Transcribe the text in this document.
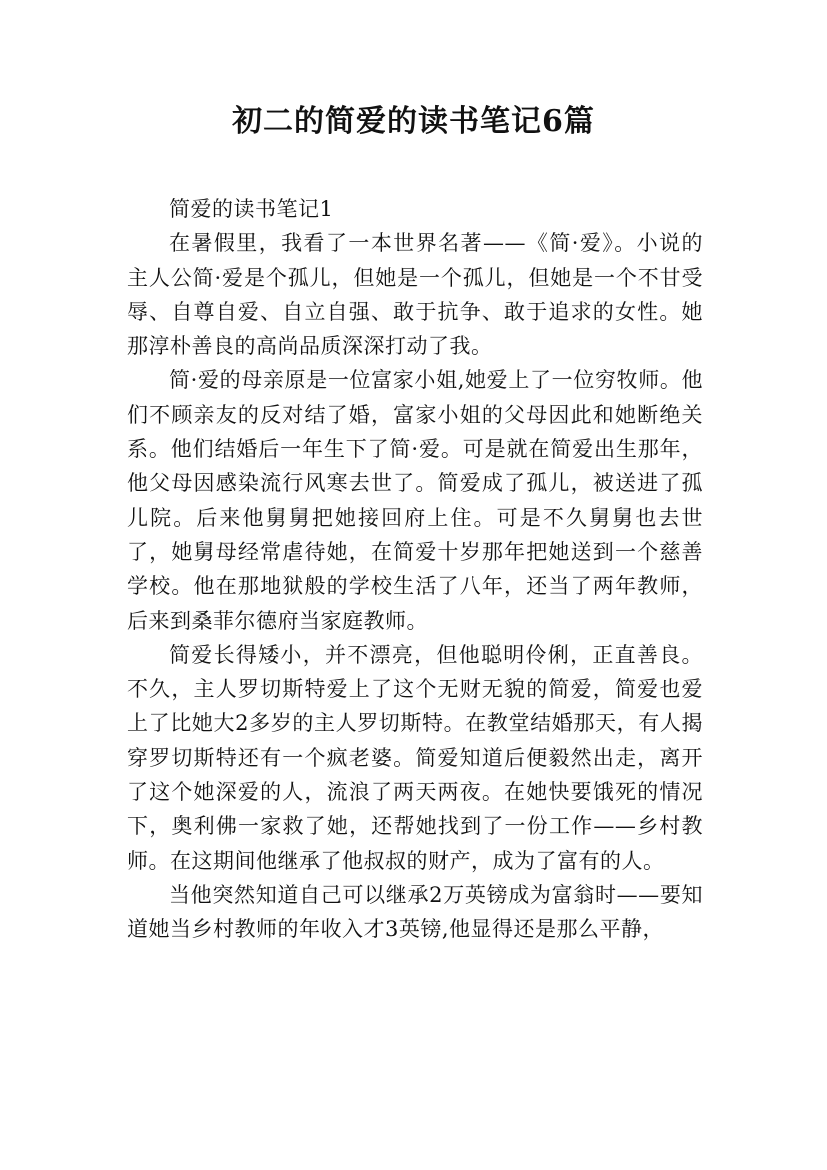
初二的简爱的读书笔记6篇

简爱的读书笔记1

在暑假里，我看了一本世界名著——《简·爱》。小说的主人公简·爱是个孤儿，但她是一个孤儿，但她是一个不甘受辱、自尊自爱、自立自强、敢于抗争、敢于追求的女性。她那淳朴善良的高尚品质深深打动了我。

简·爱的母亲原是一位富家小姐,她爱上了一位穷牧师。他们不顾亲友的反对结了婚，富家小姐的父母因此和她断绝关系。他们结婚后一年生下了简·爱。可是就在简爱出生那年，他父母因感染流行风寒去世了。简爱成了孤儿，被送进了孤儿院。后来他舅舅把她接回府上住。可是不久舅舅也去世了，她舅母经常虐待她，在简爱十岁那年把她送到一个慈善学校。他在那地狱般的学校生活了八年，还当了两年教师，后来到桑菲尔德府当家庭教师。

简爱长得矮小，并不漂亮，但他聪明伶俐，正直善良。不久，主人罗切斯特爱上了这个无财无貌的简爱，简爱也爱上了比她大2多岁的主人罗切斯特。在教堂结婚那天，有人揭穿罗切斯特还有一个疯老婆。简爱知道后便毅然出走，离开了这个她深爱的人，流浪了两天两夜。在她快要饿死的情况下，奥利佛一家救了她，还帮她找到了一份工作——乡村教师。在这期间他继承了他叔叔的财产，成为了富有的人。

当他突然知道自己可以继承2万英镑成为富翁时——要知道她当乡村教师的年收入才3英镑,他显得还是那么平静，
